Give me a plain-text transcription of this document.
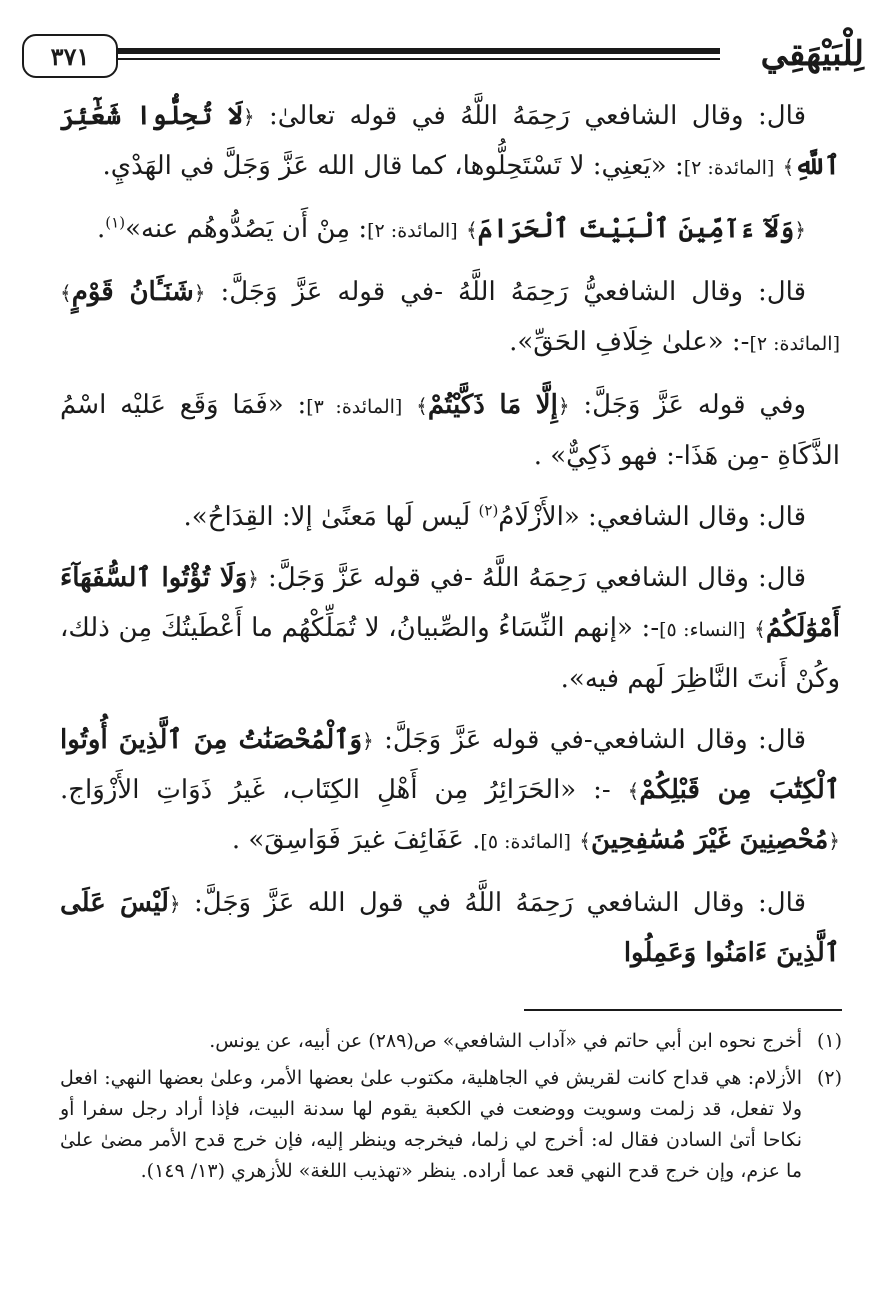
٣٧١	لِلْبَيْهَقِي

قال: وقال الشافعي رَحِمَهُ اللَّهُ في قوله تعالىٰ: ﴿لَا تُحِلُّوا شَعَٰٓئِرَ ٱللَّهِ﴾ [المائدة: ٢]: «يَعنِي: لا تَسْتَحِلُّوها، كما قال الله عَزَّ وَجَلَّ في الهَدْيِ.

﴿وَلَآ ءَآمِّينَ ٱلْبَيْتَ ٱلْحَرَامَ﴾ [المائدة: ٢]: مِنْ أَن يَصُدُّوهُم عنه»$^{(١)}$.

قال: وقال الشافعيُّ رَحِمَهُ اللَّهُ -في قوله عَزَّ وَجَلَّ: ﴿شَنَـَٔانُ قَوْمٍ﴾ [المائدة: ٢]-: «علىٰ خِلَافِ الحَقِّ».

وفي قوله عَزَّ وَجَلَّ: ﴿إِلَّا مَا ذَكَّيْتُمْ﴾ [المائدة: ٣]: «فَمَا وَقَع عَليْه اسْمُ الذَّكَاةِ -مِن هَذَا-: فهو ذَكِيٌّ» .

قال: وقال الشافعي: «الأَزْلَامُ$^{(٢)}$ لَيس لَها مَعنًىٰ إلا: القِدَاحُ».

قال: وقال الشافعي رَحِمَهُ اللَّهُ -في قوله عَزَّ وَجَلَّ: ﴿وَلَا تُؤْتُوا ٱلسُّفَهَآءَ أَمْوَٰلَكُمُ﴾ [النساء: ٥]-: «إنهم النِّسَاءُ والصِّبيانُ، لا تُمَلِّكْهُم ما أَعْطَيتُكَ مِن ذلك، وكُنْ أَنتَ النَّاظِرَ لَهم فيه».

قال: وقال الشافعي-في قوله عَزَّ وَجَلَّ: ﴿وَٱلْمُحْصَنَٰتُ مِنَ ٱلَّذِينَ أُوتُوا ٱلْكِتَٰبَ مِن قَبْلِكُمْ﴾ -: «الحَرَائِرُ مِن أَهْلِ الكِتَاب، غَيرُ ذَوَاتِ الأَزْوَاج. ﴿مُحْصِنِينَ غَيْرَ مُسَٰفِحِينَ﴾ [المائدة: ٥]. عَفَائِفَ غيرَ فَوَاسِقَ» .

قال: وقال الشافعي رَحِمَهُ اللَّهُ في قول الله عَزَّ وَجَلَّ: ﴿لَيْسَ عَلَى ٱلَّذِينَ ءَامَنُوا وَعَمِلُوا

(١)
أخرج نحوه ابن أبي حاتم في «آداب الشافعي» ص(٢٨٩) عن أبيه، عن يونس.

(٢)
الأزلام: هي قداح كانت لقريش في الجاهلية، مكتوب علىٰ بعضها الأمر، وعلىٰ بعضها النهي: افعل ولا تفعل، قد زلمت وسويت ووضعت في الكعبة يقوم لها سدنة البيت، فإذا أراد رجل سفرا أو نكاحا أتىٰ السادن فقال له: أخرج لي زلما، فيخرجه وينظر إليه، فإن خرج قدح الأمر مضىٰ علىٰ ما عزم، وإن خرج قدح النهي قعد عما أراده. ينظر «تهذيب اللغة» للأزهري (١٣/ ١٤٩).
